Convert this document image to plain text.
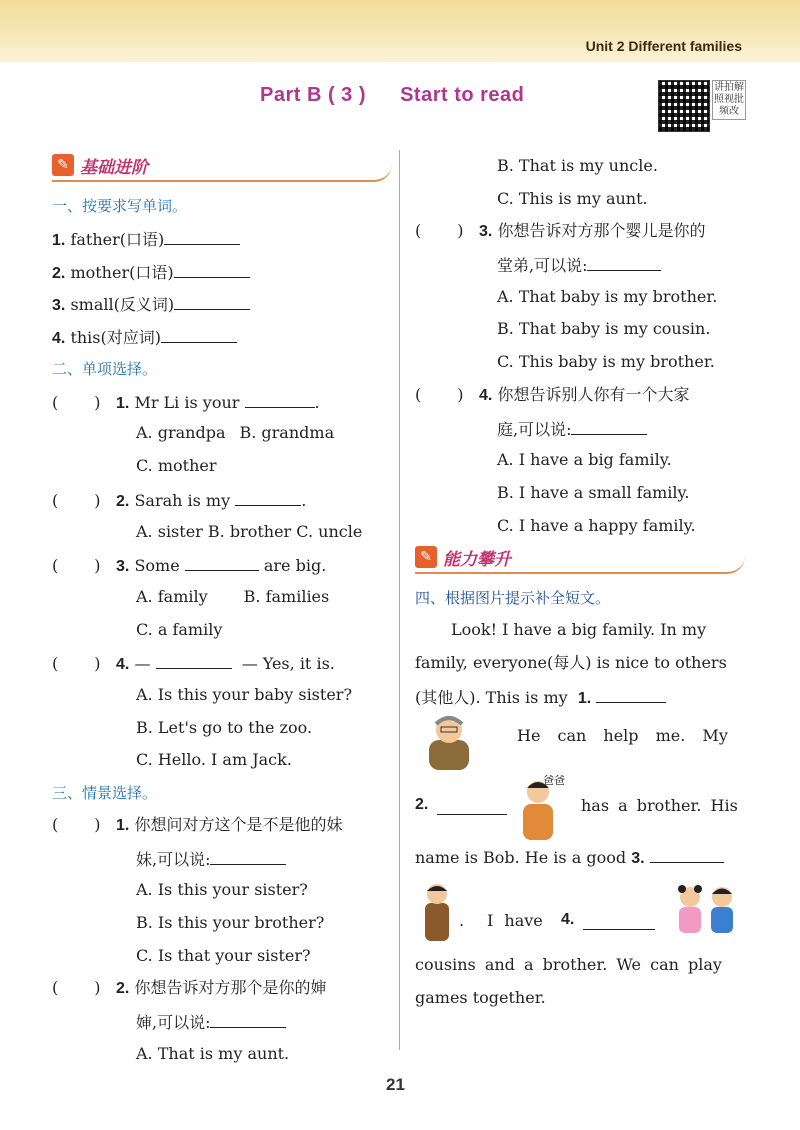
Unit 2 Different families
Part B ( 3 ) Start to read	讲拍解照视批频改
✎ 基础进阶
一、按要求写单词。
1. father(口语)
2. mother(口语)
3. small(反义词)
4. this(对应词)
二、单项选择。
( ) 1. Mr Li is your	.
A. grandpa B. grandma
C. mother
( ) 2. Sarah is my	.
A. sister B. brother C. uncle
( ) 3. Some	are big.
A. family B. families
C. a family
( ) 4. —	— Yes, it is.
A. Is this your baby sister?
B. Let's go to the zoo.
C. Hello. I am Jack.
三、情景选择。
( ) 1. 你想问对方这个是不是他的妹
妹,可以说:
A. Is this your sister?
B. Is this your brother?
C. Is that your sister?
( ) 2. 你想告诉对方那个是你的婶
婶,可以说:
A. That is my aunt.
B. That is my uncle.
C. This is my aunt.
( ) 3. 你想告诉对方那个婴儿是你的
堂弟,可以说:
A. That baby is my brother.
B. That baby is my cousin.
C. This baby is my brother.
( ) 4. 你想告诉别人你有一个大家
庭,可以说:
A. I have a big family.
B. I have a small family.
C. I have a happy family.
✎ 能力攀升
四、根据图片提示补全短文。
Look! I have a big family. In my
family, everyone(每人) is nice to others
(其他人). This is my 1.
He can help me. My
2.
爸爸
has a brother. His
name is Bob. He is a good 3.
. I have 4.
cousins and a brother. We can play
games together.
21
